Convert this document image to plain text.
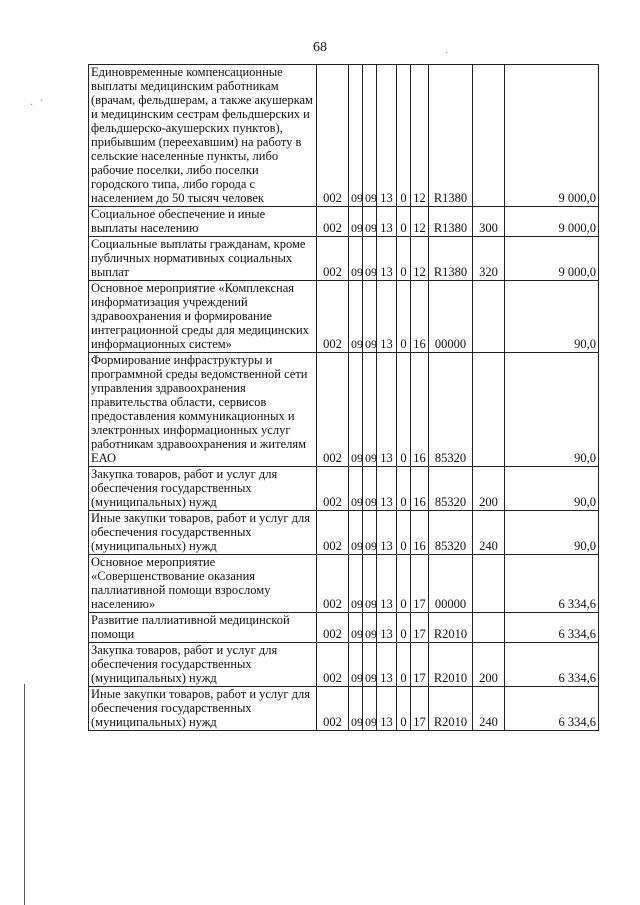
68
Единовременные компенсационные выплаты медицинским работникам (врачам, фельдшерам, а также акушеркам и медицинским сестрам фельдшерских и фельдшерско-акушерских пунктов), прибывшим (переехавшим) на работу в сельские населенные пункты, либо рабочие поселки, либо поселки городского типа, либо города с населением до 50 тысяч человек	002	09	09	13	0	12	R1380		9 000,0
Социальное обеспечение и иные выплаты населению	002	09	09	13	0	12	R1380	300	9 000,0
Социальные выплаты гражданам, кроме публичных нормативных социальных выплат	002	09	09	13	0	12	R1380	320	9 000,0
Основное мероприятие «Комплексная информатизация учреждений здравоохранения и формирование интеграционной среды для медицинских информационных систем»	002	09	09	13	0	16	00000		90,0
Формирование инфраструктуры и программной среды ведомственной сети управления здравоохранения правительства области, сервисов предоставления коммуникационных и электронных информационных услуг работникам здравоохранения и жителям ЕАО	002	09	09	13	0	16	85320		90,0
Закупка товаров, работ и услуг для обеспечения государственных (муниципальных) нужд	002	09	09	13	0	16	85320	200	90,0
Иные закупки товаров, работ и услуг для обеспечения государственных (муниципальных) нужд	002	09	09	13	0	16	85320	240	90,0
Основное мероприятие «Совершенствование оказания паллиативной помощи взрослому населению»	002	09	09	13	0	17	00000		6 334,6
Развитие паллиативной медицинской помощи	002	09	09	13	0	17	R2010		6 334,6
Закупка товаров, работ и услуг для обеспечения государственных (муниципальных) нужд	002	09	09	13	0	17	R2010	200	6 334,6
Иные закупки товаров, работ и услуг для обеспечения государственных (муниципальных) нужд	002	09	09	13	0	17	R2010	240	6 334,6
· ·
·
